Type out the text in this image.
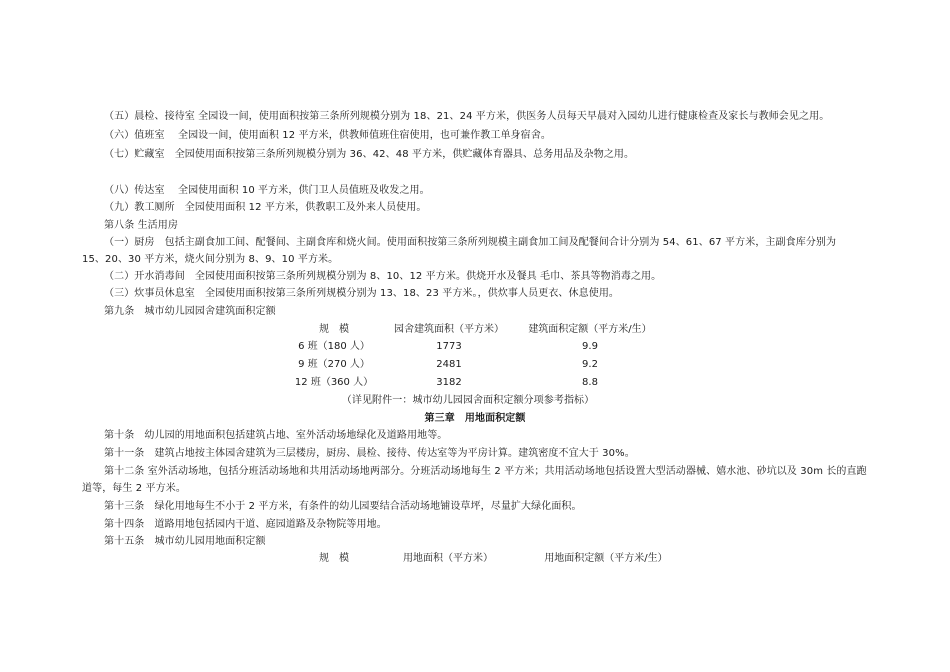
（五）晨检、接待室 全园设一间，使用面积按第三条所列规模分别为 18、21、24 平方米，供医务人员每天早晨对入园幼儿进行健康检查及家长与教师会见之用。
（六）值班室　 全园设一间，使用面积 12 平方米，供教师值班住宿使用，也可兼作教工单身宿舍。
（七）贮藏室　全园使用面积按第三条所列规模分别为 36、42、48 平方米，供贮藏体育器具、总务用品及杂物之用。
（八）传达室　 全园使用面积 10 平方米，供门卫人员值班及收发之用。
（九）教工厕所　全园使用面积 12 平方米，供教职工及外来人员使用。
第八条 生活用房
（一）厨房　包括主副食加工间、配餐间、主副食库和烧火间。使用面积按第三条所列规模主副食加工间及配餐间合计分别为 54、61、67 平方米，主副食库分别为
15、20、30 平方米，烧火间分别为 8、9、10 平方米。
（二）开水消毒间　全园使用面积按第三条所列规模分别为 8、10、12 平方米。供烧开水及餐具 毛巾、茶具等物消毒之用。
（三）炊事员休息室　全园使用面积按第三条所列规模分别为 13、18、23 平方米。，供炊事人员更衣、休息使用。
第九条　城市幼儿园园舍建筑面积定额
规　模	园舍建筑面积（平方米） 建筑面积定额（平方米/生）
6 班（180 人）	1773	9.9
9 班（270 人）	2481	9.2
12 班（360 人）	3182	8.8
（详见附件一：城市幼儿园园舍面积定额分项参考指标）
第三章　用地面积定额
第十条　幼儿园的用地面积包括建筑占地、室外活动场地绿化及道路用地等。
第十一条　建筑占地按主体园舍建筑为三层楼房，厨房、晨检、接待、传达室等为平房计算。建筑密度不宜大于 30%。
第十二条 室外活动场地，包括分班活动场地和共用活动场地两部分。分班活动场地每生 2 平方米；共用活动场地包括设置大型活动器械、嬉水池、砂坑以及 30m 长的直跑
道等，每生 2 平方米。
第十三条　绿化用地每生不小于 2 平方米，有条件的幼儿园要结合活动场地铺设草坪，尽量扩大绿化面积。
第十四条　道路用地包括园内干道、庭园道路及杂物院等用地。
第十五条　城市幼儿园用地面积定额
规　模	用地面积（平方米）	用地面积定额（平方米/生）
